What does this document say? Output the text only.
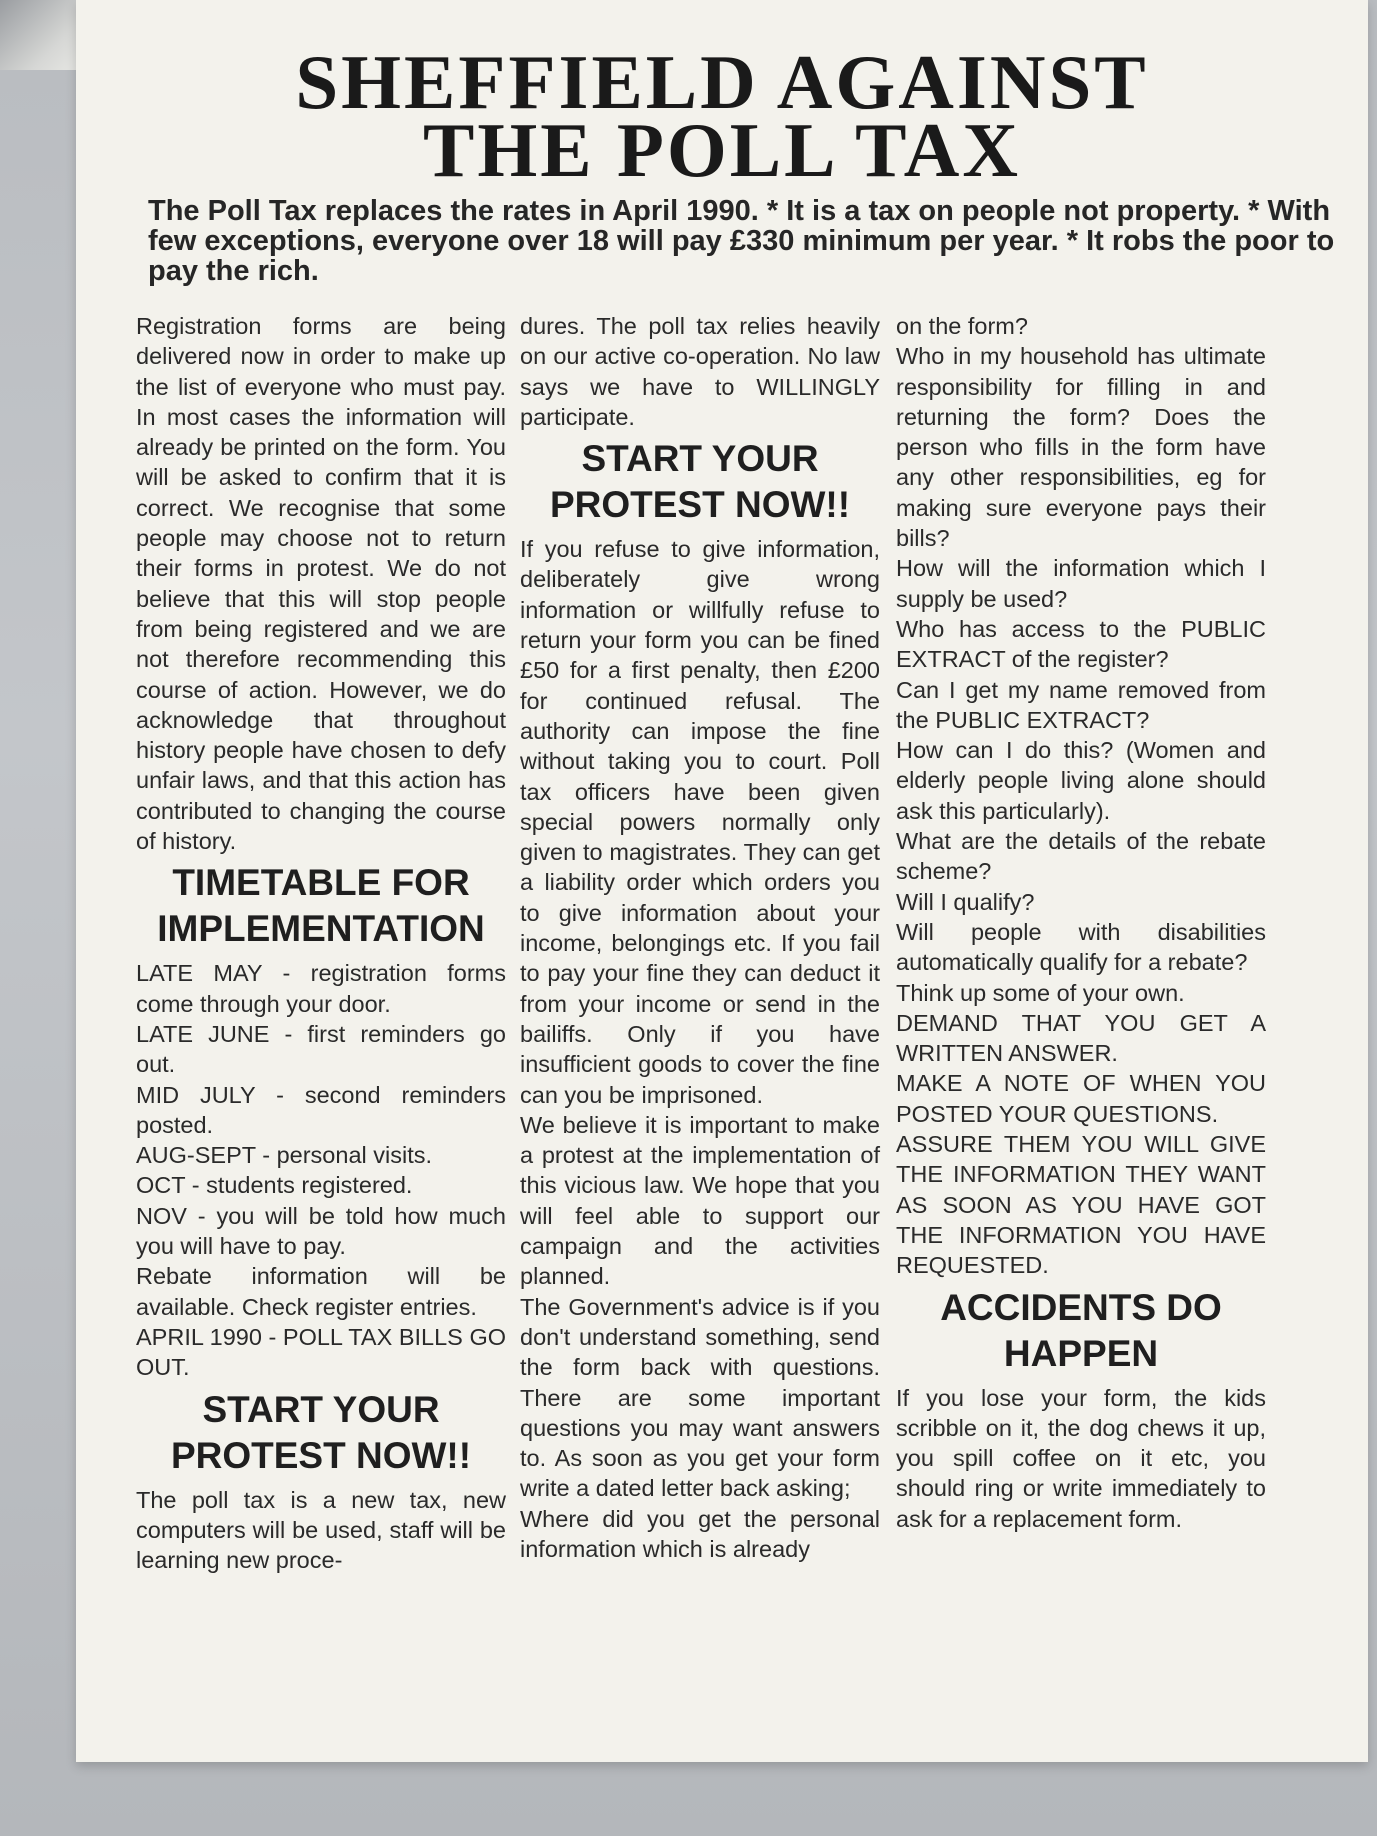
SHEFFIELD AGAINST
THE POLL TAX

The Poll Tax replaces the rates in April 1990. * It is a tax on people not property. * With few exceptions, everyone over 18 will pay £330 minimum per year. * It robs the poor to pay the rich.

Registration forms are being delivered now in order to make up the list of everyone who must pay. In most cases the information will already be printed on the form. You will be asked to confirm that it is correct. We recognise that some people may choose not to return their forms in protest. We do not believe that this will stop people from being registered and we are not therefore recommending this course of action. However, we do acknowledge that throughout history people have chosen to defy unfair laws, and that this action has contributed to changing the course of history.

TIMETABLE FOR
IMPLEMENTATION

LATE MAY - registration forms come through your door.

LATE JUNE - first reminders go out.

MID JULY - second reminders posted.

AUG-SEPT - personal visits.

OCT - students registered.

NOV - you will be told how much you will have to pay.

Rebate information will be available. Check register entries.

APRIL 1990 - POLL TAX BILLS GO OUT.

START YOUR
PROTEST NOW!!

The poll tax is a new tax, new computers will be used, staff will be learning new proce-

dures. The poll tax relies heavily on our active co-operation. No law says we have to WILLINGLY participate.

START YOUR
PROTEST NOW!!

If you refuse to give information, deliberately give wrong information or willfully refuse to return your form you can be fined £50 for a first penalty, then £200 for continued refusal. The authority can impose the fine without taking you to court. Poll tax officers have been given special powers normally only given to magistrates. They can get a liability order which orders you to give information about your income, belongings etc. If you fail to pay your fine they can deduct it from your income or send in the bailiffs. Only if you have insufficient goods to cover the fine can you be imprisoned.

We believe it is important to make a protest at the implementation of this vicious law. We hope that you will feel able to support our campaign and the activities planned.

The Government's advice is if you don't understand something, send the form back with questions. There are some important questions you may want answers to. As soon as you get your form write a dated letter back asking;

Where did you get the personal information which is already

on the form?

Who in my household has ultimate responsibility for filling in and returning the form? Does the person who fills in the form have any other responsibilities, eg for making sure everyone pays their bills?

How will the information which I supply be used?

Who has access to the PUBLIC EXTRACT of the register?

Can I get my name removed from the PUBLIC EXTRACT?

How can I do this? (Women and elderly people living alone should ask this particularly).

What are the details of the rebate scheme?

Will I qualify?

Will people with disabilities automatically qualify for a rebate?

Think up some of your own.

DEMAND THAT YOU GET A WRITTEN ANSWER.

MAKE A NOTE OF WHEN YOU POSTED YOUR QUESTIONS.

ASSURE THEM YOU WILL GIVE THE INFORMATION THEY WANT AS SOON AS YOU HAVE GOT THE INFORMATION YOU HAVE REQUESTED.

ACCIDENTS DO
HAPPEN

If you lose your form, the kids scribble on it, the dog chews it up, you spill coffee on it etc, you should ring or write immediately to ask for a replacement form.
